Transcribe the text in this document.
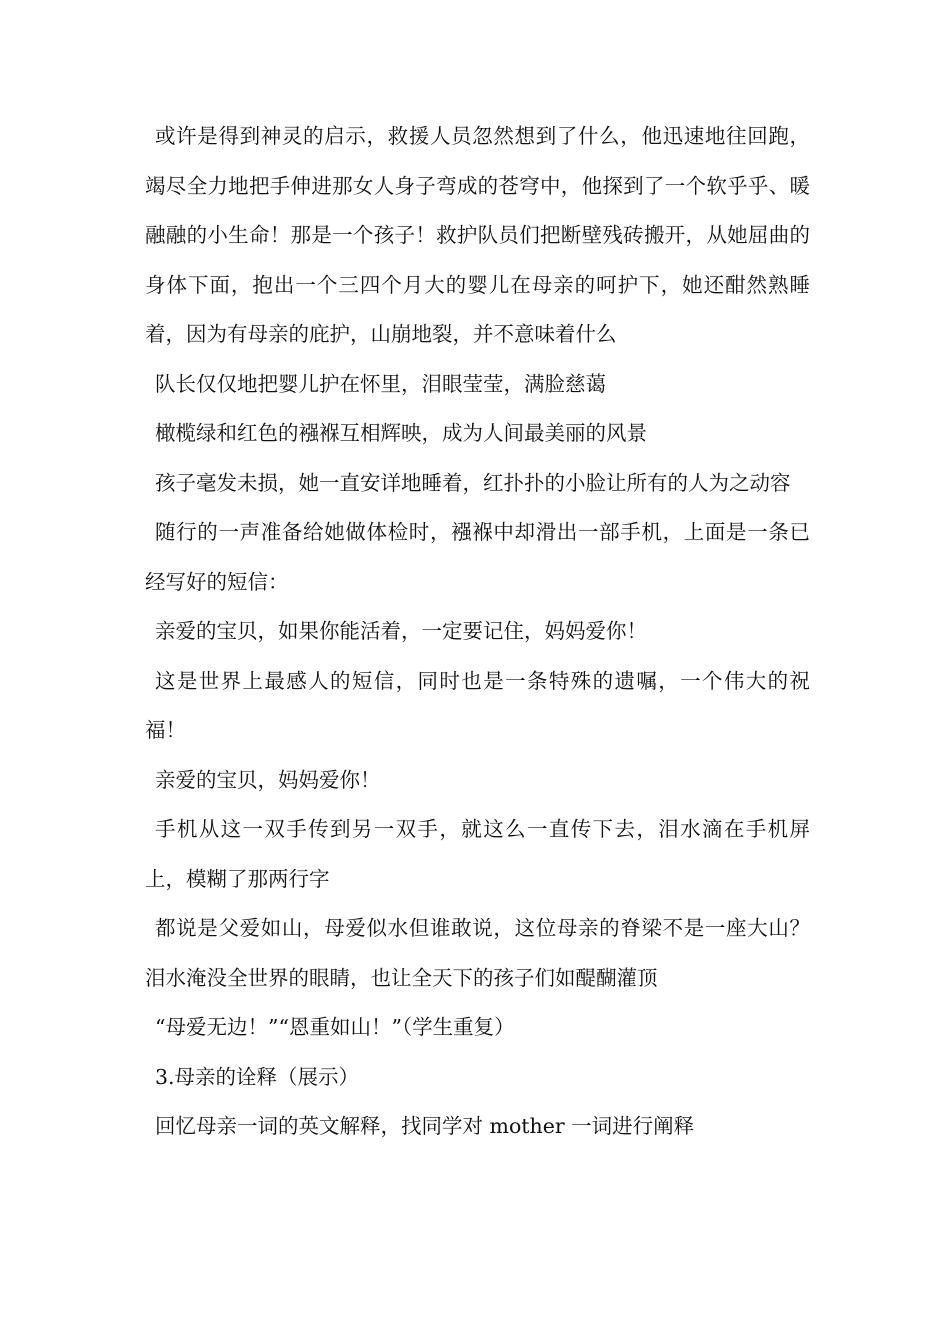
或许是得到神灵的启示，救援人员忽然想到了什么，他迅速地往回跑，竭尽全力地把手伸进那女人身子弯成的苍穹中，他探到了一个软乎乎、暖融融的小生命！那是一个孩子！救护队员们把断壁残砖搬开，从她屈曲的身体下面，抱出一个三四个月大的婴儿在母亲的呵护下，她还酣然熟睡着，因为有母亲的庇护，山崩地裂，并不意味着什么

队长仅仅地把婴儿护在怀里，泪眼莹莹，满脸慈蔼

橄榄绿和红色的襁褓互相辉映，成为人间最美丽的风景

孩子毫发未损，她一直安详地睡着，红扑扑的小脸让所有的人为之动容

随行的一声准备给她做体检时，襁褓中却滑出一部手机，上面是一条已经写好的短信：

亲爱的宝贝，如果你能活着，一定要记住，妈妈爱你！

这是世界上最感人的短信，同时也是一条特殊的遗嘱，一个伟大的祝福！

亲爱的宝贝，妈妈爱你！

手机从这一双手传到另一双手，就这么一直传下去，泪水滴在手机屏上，模糊了那两行字

都说是父爱如山，母爱似水但谁敢说，这位母亲的脊梁不是一座大山？泪水淹没全世界的眼睛，也让全天下的孩子们如醍醐灌顶

“母爱无边！”“恩重如山！”（学生重复）

3.母亲的诠释（展示）

回忆母亲一词的英文解释，找同学对 mother 一词进行阐释
